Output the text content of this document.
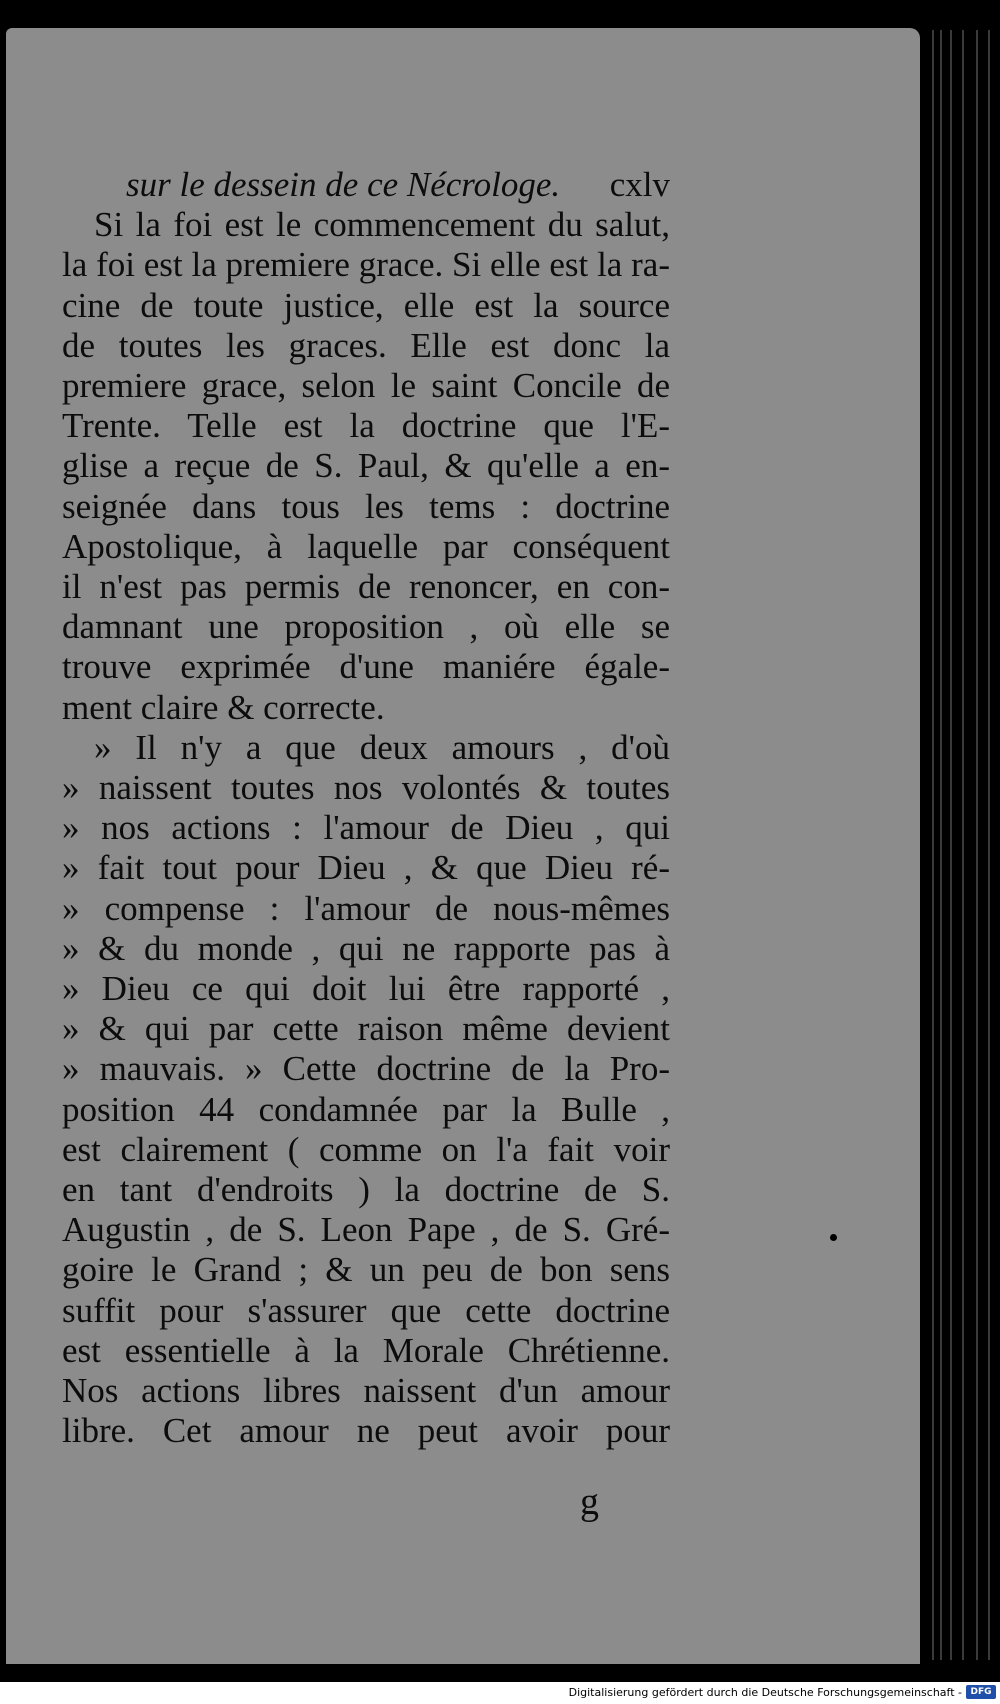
sur le dessein de ce Nécrologe. cxlv
Si la foi est le commencement du salut,
la foi est la premiere grace. Si elle est la ra-
cine de toute justice, elle est la source
de toutes les graces. Elle est donc la
premiere grace, selon le saint Concile de
Trente. Telle est la doctrine que l'E-
glise a reçue de S. Paul, & qu'elle a en-
seignée dans tous les tems : doctrine
Apostolique, à laquelle par conséquent
il n'est pas permis de renoncer, en con-
damnant une proposition , où elle se
trouve exprimée d'une maniére égale-
ment claire & correcte.
» Il n'y a que deux amours , d'où
» naissent toutes nos volontés & toutes
» nos actions : l'amour de Dieu , qui
» fait tout pour Dieu , & que Dieu ré-
» compense : l'amour de nous-mêmes
» & du monde , qui ne rapporte pas à
» Dieu ce qui doit lui être rapporté ,
» & qui par cette raison même devient
» mauvais. » Cette doctrine de la Pro-
position 44 condamnée par la Bulle ,
est clairement ( comme on l'a fait voir
en tant d'endroits ) la doctrine de S.
Augustin , de S. Leon Pape , de S. Gré-
goire le Grand ; & un peu de bon sens
suffit pour s'assurer que cette doctrine
est essentielle à la Morale Chrétienne.
Nos actions libres naissent d'un amour
libre. Cet amour ne peut avoir pour
g
Digitalisierung gefördert durch die Deutsche Forschungsgemeinschaft - DFG
